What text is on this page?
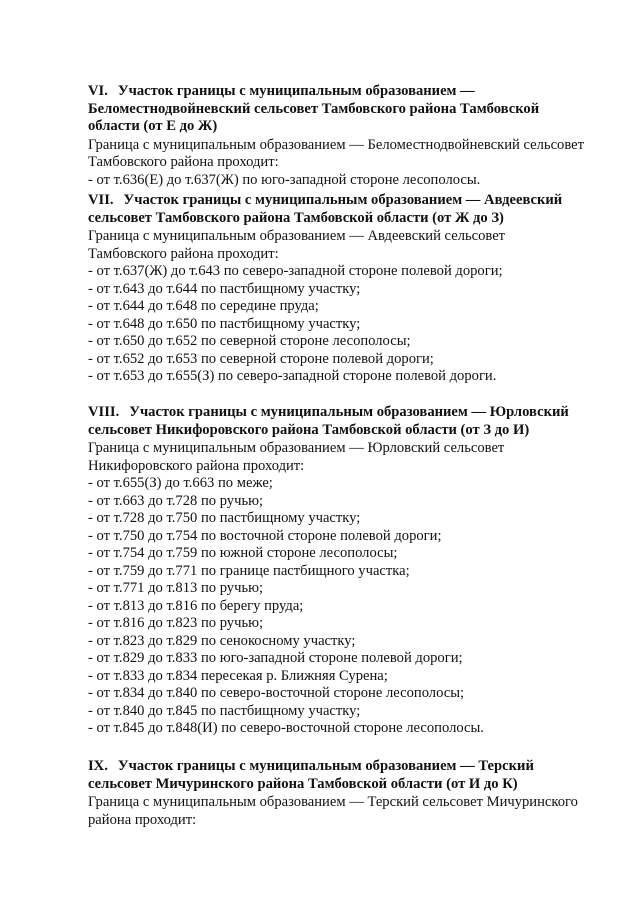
VI. Участок границы с муниципальным образованием —

Беломестнодвойневский сельсовет Тамбовского района Тамбовской

области (от Е до Ж)

Граница с муниципальным образованием — Беломестнодвойневский сельсовет

Тамбовского района проходит:

- от т.636(Е) до т.637(Ж) по юго-западной стороне лесополосы.

VII. Участок границы с муниципальным образованием — Авдеевский

сельсовет Тамбовского района Тамбовской области (от Ж до З)

Граница с муниципальным образованием — Авдеевский сельсовет

Тамбовского района проходит:

- от т.637(Ж) до т.643 по северо-западной стороне полевой дороги;
- от т.643 до т.644 по пастбищному участку;
- от т.644 до т.648 по середине пруда;
- от т.648 до т.650 по пастбищному участку;
- от т.650 до т.652 по северной стороне лесополосы;
- от т.652 до т.653 по северной стороне полевой дороги;
- от т.653 до т.655(З) по северо-западной стороне полевой дороги.

VIII. Участок границы с муниципальным образованием — Юрловский

сельсовет Никифоровского района Тамбовской области (от З до И)

Граница с муниципальным образованием — Юрловский сельсовет

Никифоровского района проходит:

- от т.655(З) до т.663 по меже;
- от т.663 до т.728 по ручью;
- от т.728 до т.750 по пастбищному участку;
- от т.750 до т.754 по восточной стороне полевой дороги;
- от т.754 до т.759 по южной стороне лесополосы;
- от т.759 до т.771 по границе пастбищного участка;
- от т.771 до т.813 по ручью;
- от т.813 до т.816 по берегу пруда;
- от т.816 до т.823 по ручью;
- от т.823 до т.829 по сенокосному участку;
- от т.829 до т.833 по юго-западной стороне полевой дороги;
- от т.833 до т.834 пересекая р. Ближняя Сурена;
- от т.834 до т.840 по северо-восточной стороне лесополосы;
- от т.840 до т.845 по пастбищному участку;
- от т.845 до т.848(И) по северо-восточной стороне лесополосы.

IX. Участок границы с муниципальным образованием — Терский

сельсовет Мичуринского района Тамбовской области (от И до К)

Граница с муниципальным образованием — Терский сельсовет Мичуринского

района проходит:
